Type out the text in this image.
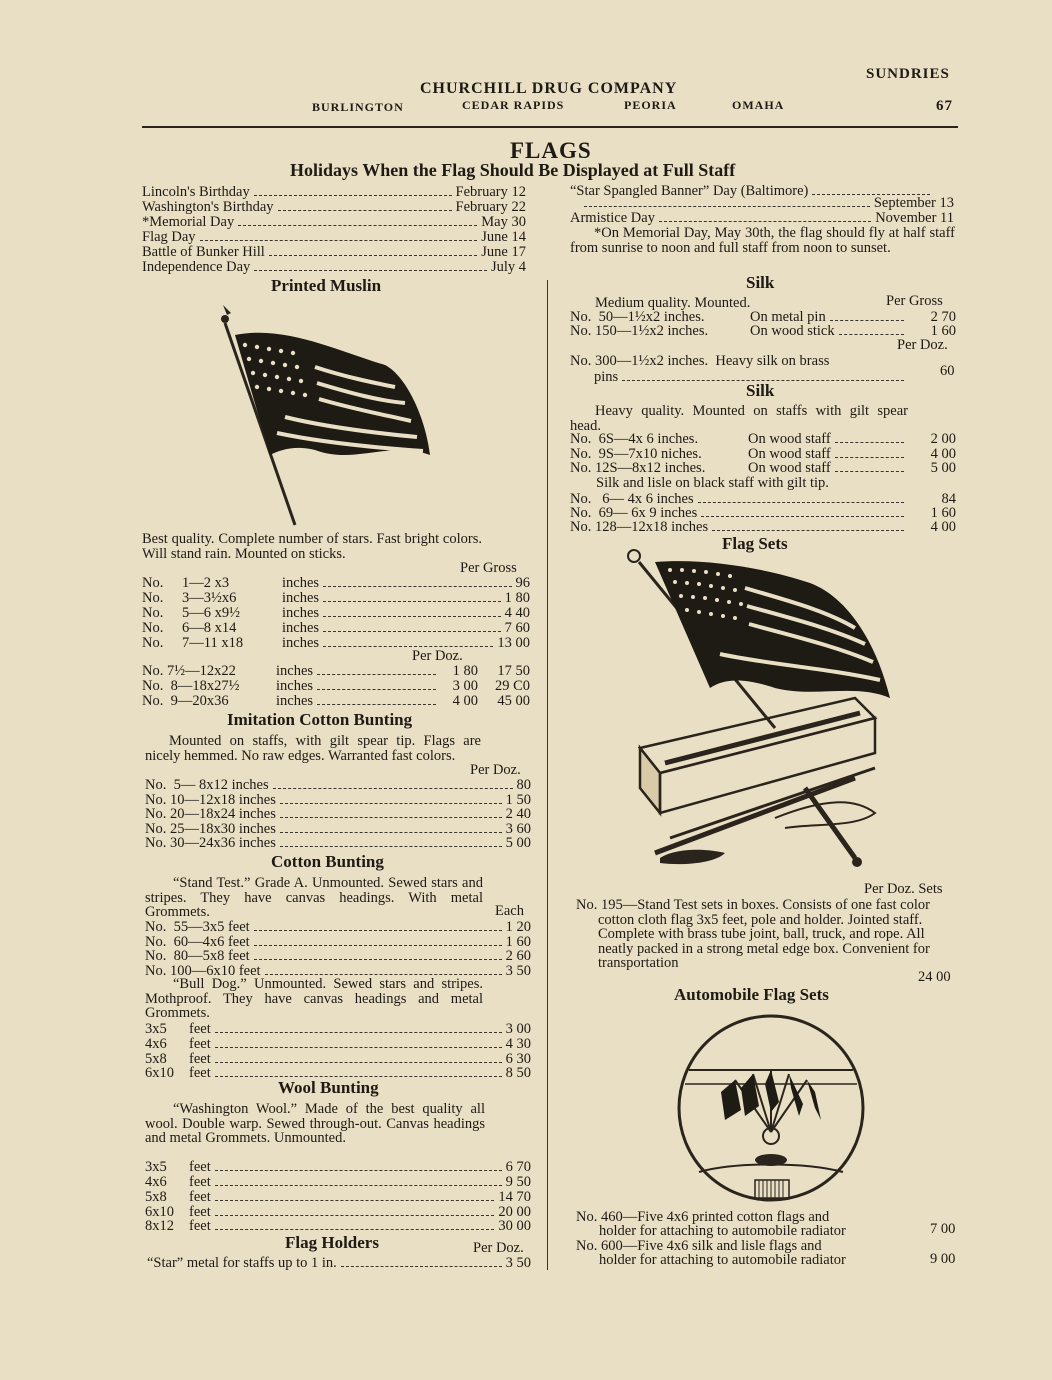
CHURCHILL DRUG COMPANY
SUNDRIES
BURLINGTON	CEDAR RAPIDS	PEORIA	OMAHA	67
FLAGS
Holidays When the Flag Should Be Displayed at Full Staff
Lincoln's Birthday	February 12
Washington's Birthday	February 22
*Memorial Day	May 30
Flag Day	June 14
Battle of Bunker Hill	June 17
Independence Day	July 4
Printed Muslin
Best quality. Complete number of stars. Fast bright colors. Will stand rain. Mounted on sticks.
Per Gross
No.	1—2 x3	inches	96
No.	3—3½x6	inches	1 80
No.	5—6 x9½	inches	4 40
No.	6—8 x14	inches	7 60
No.	7—11 x18	inches	13 00
Per Doz.
No. 7½—12x22	inches	1 80	17 50
No.  8—18x27½	inches	3 00	29 C0
No.  9—20x36	inches	4 00	45 00
Imitation Cotton Bunting
Mounted on staffs, with gilt spear tip. Flags are nicely hemmed. No raw edges. Warranted fast colors.
Per Doz.
No.  5— 8x12 inches	80
No. 10—12x18 inches	1 50
No. 20—18x24 inches	2 40
No. 25—18x30 inches	3 60
No. 30—24x36 inches	5 00
Cotton Bunting
“Stand Test.” Grade A. Unmounted. Sewed stars and stripes. They have canvas headings. With metal Grommets.	Each
No.  55—3x5 feet	1 20
No.  60—4x6 feet	1 60
No.  80—5x8 feet	2 60
No. 100—6x10 feet	3 50
“Bull Dog.” Unmounted. Sewed stars and stripes. Mothproof. They have canvas headings and metal Grommets.
3x5	feet	3 00
4x6	feet	4 30
5x8	feet	6 30
6x10	feet	8 50
Wool Bunting
“Washington Wool.” Made of the best quality all wool. Double warp. Sewed through-out. Canvas headings and metal Grommets. Unmounted.
3x5	feet	6 70
4x6	feet	9 50
5x8	feet	14 70
6x10	feet	20 00
8x12	feet	30 00
Flag Holders	Per Doz.
“Star” metal for staffs up to 1 in.	3 50
“Star Spangled Banner” Day (Baltimore)
September 13
Armistice Day	November 11
*On Memorial Day, May 30th, the flag should fly at half staff from sunrise to noon and full staff from noon to sunset.
Silk
Medium quality. Mounted.	Per Gross
No.  50—1½x2 inches.	On metal pin	2 70
No. 150—1½x2 inches.	On wood stick	1 60
Per Doz.
No. 300—1½x2 inches.  Heavy silk on brass
pins	60
Silk
Heavy quality. Mounted on staffs with gilt spear head.
No.  6S—4x 6 inches.	On wood staff	2 00
No.  9S—7x10 niches.	On wood staff	4 00
No. 12S—8x12 inches.	On wood staff	5 00
Silk and lisle on black staff with gilt tip.
No.   6— 4x 6 inches	84
No.  69— 6x 9 inches	1 60
No. 128—12x18 inches	4 00
Flag Sets
Per Doz. Sets
No. 195—Stand Test sets in boxes. Consists of one fast color cotton cloth flag 3x5 feet, pole and holder. Jointed staff. Complete with brass tube joint, ball, truck, and rope. All neatly packed in a strong metal edge box. Convenient for transportation
24 00
Automobile Flag Sets
No. 460—Five 4x6 printed cotton flags and
holder for attaching to automobile radiator	7 00
No. 600—Five 4x6 silk and lisle flags and
holder for attaching to automobile radiator	9 00
